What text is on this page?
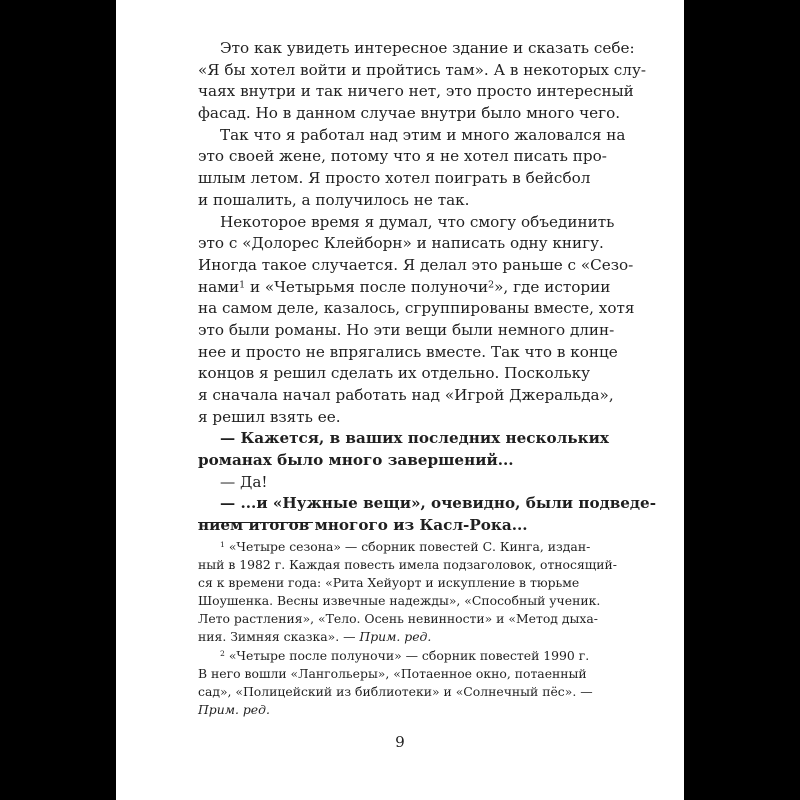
Это как увидеть интересное здание и сказать себе:
«Я бы хотел войти и пройтись там». А в некоторых слу-
чаях внутри и так ничего нет, это просто интересный
фасад. Но в данном случае внутри было много чего.
Так что я работал над этим и много жаловался на
это своей жене, потому что я не хотел писать про-
шлым летом. Я просто хотел поиграть в бейсбол
и пошалить, а получилось не так.
Некоторое время я думал, что смогу объединить
это с «Долорес Клейборн» и написать одну книгу.
Иногда такое случается. Я делал это раньше с «Сезо-
нами$^1$ и «Четырьмя после полуночи$^2$», где истории
на самом деле, казалось, сгруппированы вместе, хотя
это были романы. Но эти вещи были немного длин-
нее и просто не впрягались вместе. Так что в конце
концов я решил сделать их отдельно. Поскольку
я сначала начал работать над «Игрой Джеральда»,
я решил взять ее.
— Кажется, в ваших последних нескольких
романах было много завершений...
— Да!
— ...и «Нужные вещи», очевидно, были подведе-
нием итогов многого из Касл-Рока...
$^1$ «Четыре сезона» — сборник повестей С. Кинга, издан-
ный в 1982 г. Каждая повесть имела подзаголовок, относящий-
ся к времени года: «Рита Хейуорт и искупление в тюрьме
Шоушенка. Весны извечные надежды», «Способный ученик.
Лето растления», «Тело. Осень невинности» и «Метод дыха-
ния. Зимняя сказка». — Прим. ред.
$^2$ «Четыре после полуночи» — сборник повестей 1990 г.
В него вошли «Лангольеры», «Потаенное окно, потаенный
сад», «Полицейский из библиотеки» и «Солнечный пёс». —
Прим. ред.
9
